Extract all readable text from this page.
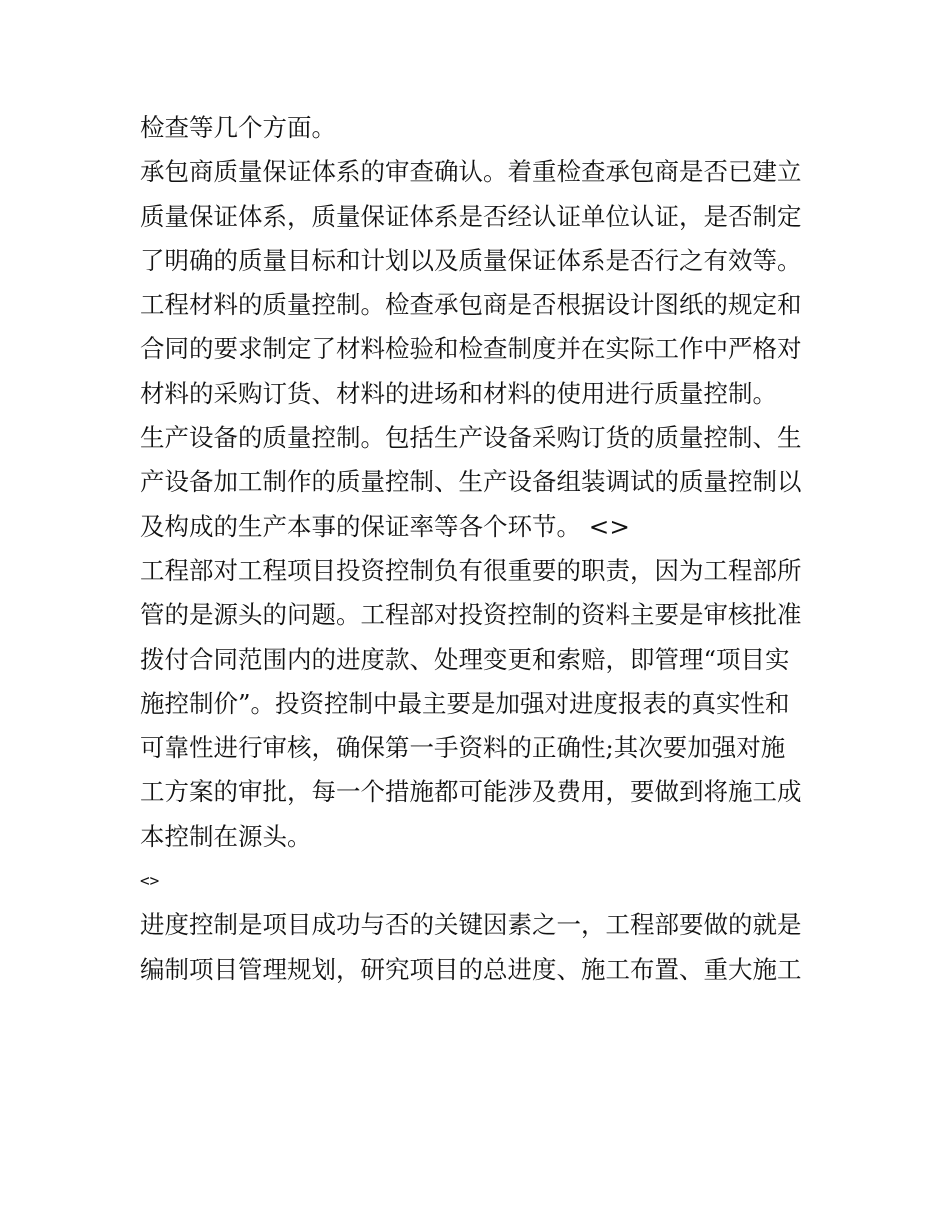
检查等几个方面。
承包商质量保证体系的审查确认。着重检查承包商是否已建立
质量保证体系，质量保证体系是否经认证单位认证，是否制定
了明确的质量目标和计划以及质量保证体系是否行之有效等。
工程材料的质量控制。检查承包商是否根据设计图纸的规定和
合同的要求制定了材料检验和检查制度并在实际工作中严格对
材料的采购订货、材料的进场和材料的使用进行质量控制。
生产设备的质量控制。包括生产设备采购订货的质量控制、生
产设备加工制作的质量控制、生产设备组装调试的质量控制以
及构成的生产本事的保证率等各个环节。 <>
工程部对工程项目投资控制负有很重要的职责，因为工程部所
管的是源头的问题。工程部对投资控制的资料主要是审核批准
拨付合同范围内的进度款、处理变更和索赔，即管理“项目实
施控制价”。投资控制中最主要是加强对进度报表的真实性和
可靠性进行审核，确保第一手资料的正确性;其次要加强对施
工方案的审批，每一个措施都可能涉及费用，要做到将施工成
本控制在源头。
<>
进度控制是项目成功与否的关键因素之一，工程部要做的就是
编制项目管理规划，研究项目的总进度、施工布置、重大施工
